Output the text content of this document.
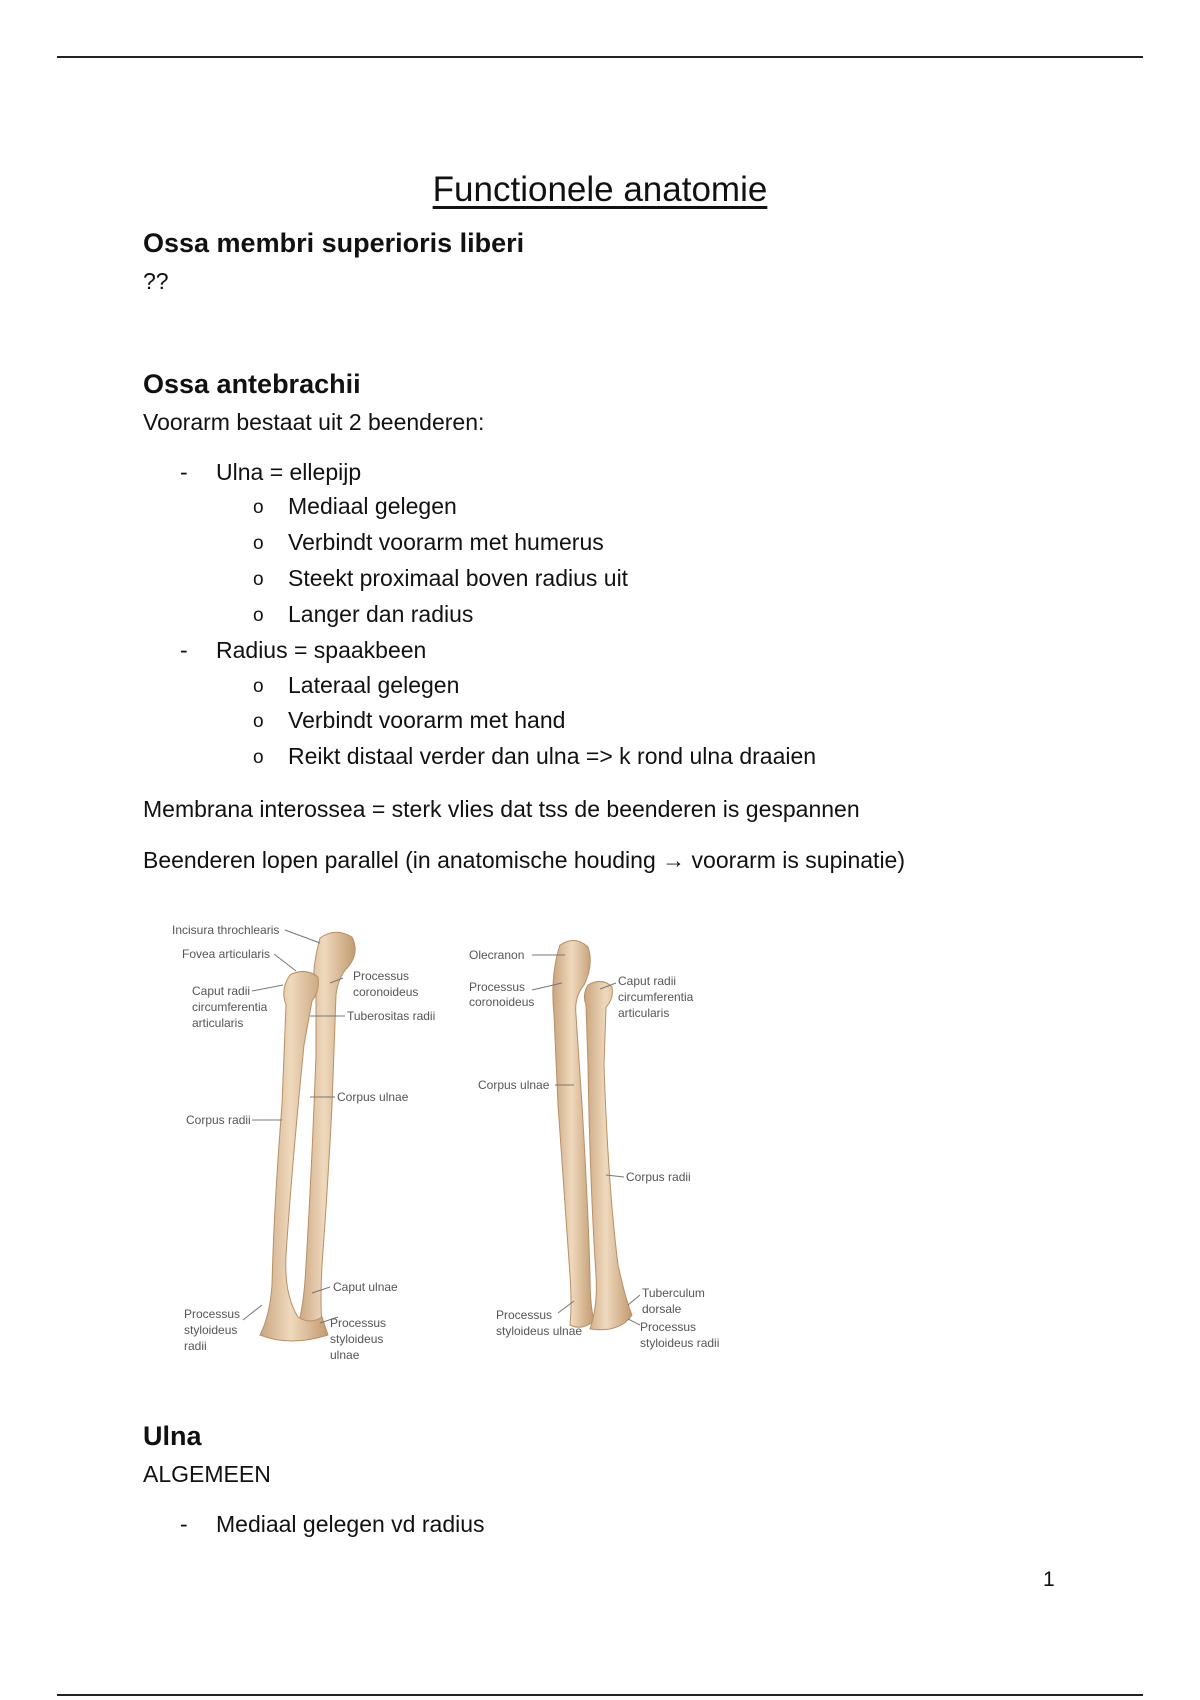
Functionele anatomie
Ossa membri superioris liberi
??
Ossa antebrachii
Voorarm bestaat uit 2 beenderen:
- Ulna = ellepijp
o Mediaal gelegen
o Verbindt voorarm met humerus
o Steekt proximaal boven radius uit
o Langer dan radius
- Radius = spaakbeen
o Lateraal gelegen
o Verbindt voorarm met hand
o Reikt distaal verder dan ulna => k rond ulna draaien
Membrana interossea = sterk vlies dat tss de beenderen is gespannen
Beenderen lopen parallel (in anatomische houding → voorarm is supinatie)
Incisura throchlearis
Fovea articularis
Caput radii
circumferentia
articularis
Processus
coronoideus
Tuberositas radii
Corpus ulnae
Corpus radii
Caput ulnae
Processus
styloideus
radii
Processus
styloideus
ulnae
Olecranon
Processus
coronoideus
Caput radii
circumferentia
articularis
Corpus ulnae
Corpus radii
Tuberculum
dorsale
Processus
styloideus ulnae	Processus
styloideus radii
Ulna
ALGEMEEN
- Mediaal gelegen vd radius
1
